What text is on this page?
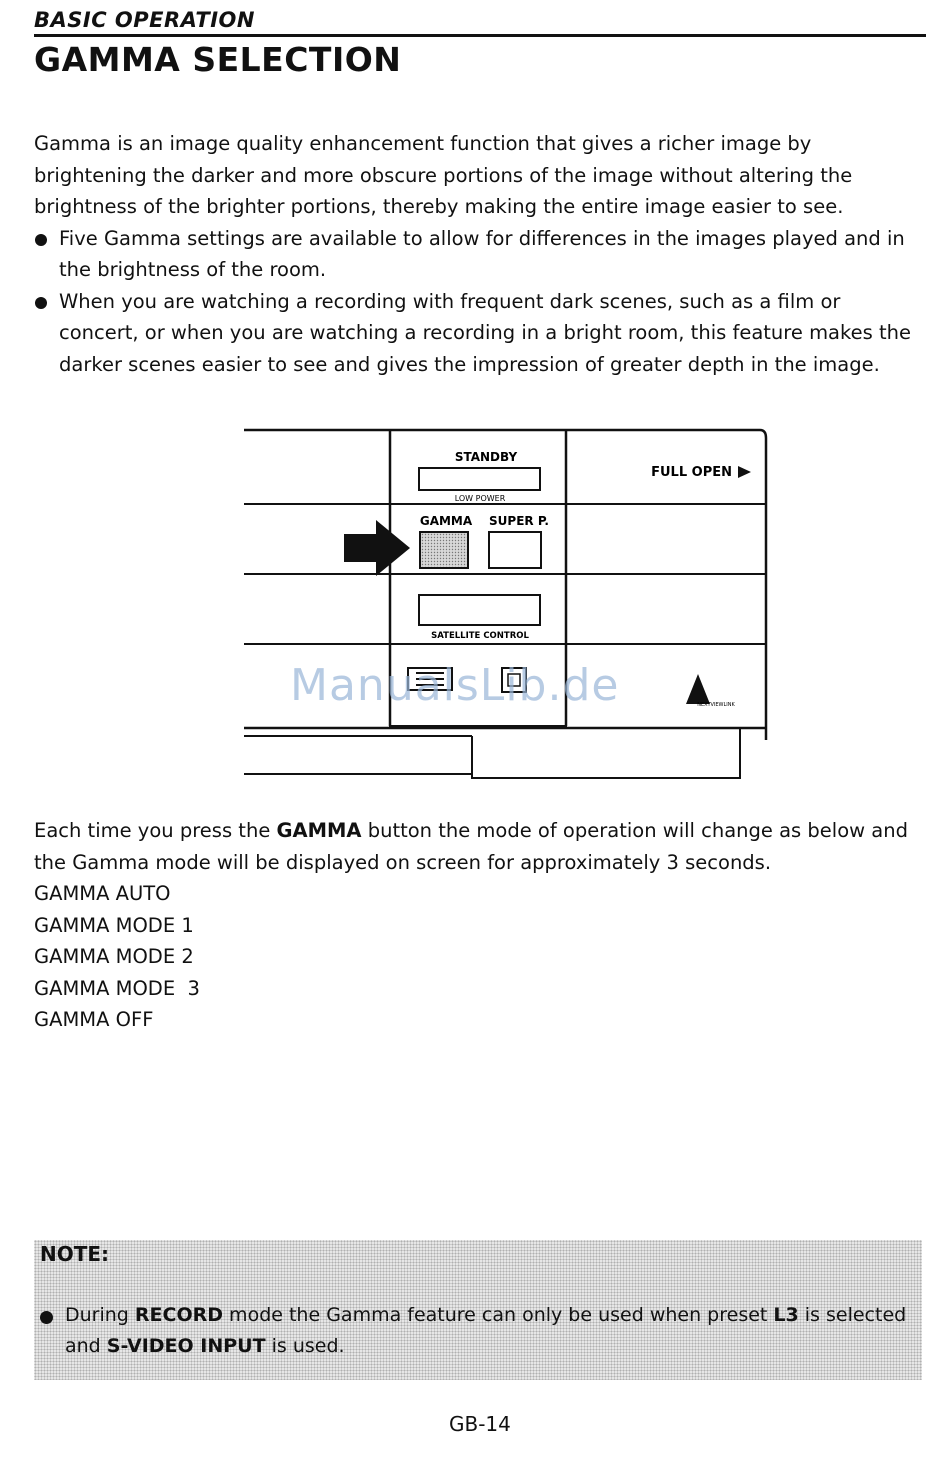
BASIC OPERATION
GAMMA SELECTION

Gamma is an image quality enhancement function that gives a richer image by brightening the darker and more obscure portions of the image without altering the brightness of the brighter portions, thereby making the entire image easier to see.

Five Gamma settings are available to allow for differences in the images played and in the brightness of the room.
When you are watching a recording with frequent dark scenes, such as a film or concert, or when you are watching a recording in a bright room, this feature makes the darker scenes easier to see and gives the impression of greater depth in the image.
STANDBY
LOW POWER
FULL OPEN
GAMMA SUPER P.
SATELLITE CONTROL
NEXTVIEWLINK
ManualsLib.de

Each time you press the GAMMA button the mode of operation will change as below and the Gamma mode will be displayed on screen for approximately 3 seconds.

GAMMA AUTO
GAMMA MODE 1
GAMMA MODE 2
GAMMA MODE  3
GAMMA OFF
NOTE:
During RECORD mode the Gamma feature can only be used when preset L3 is selected and S-VIDEO INPUT is used.
GB-14
